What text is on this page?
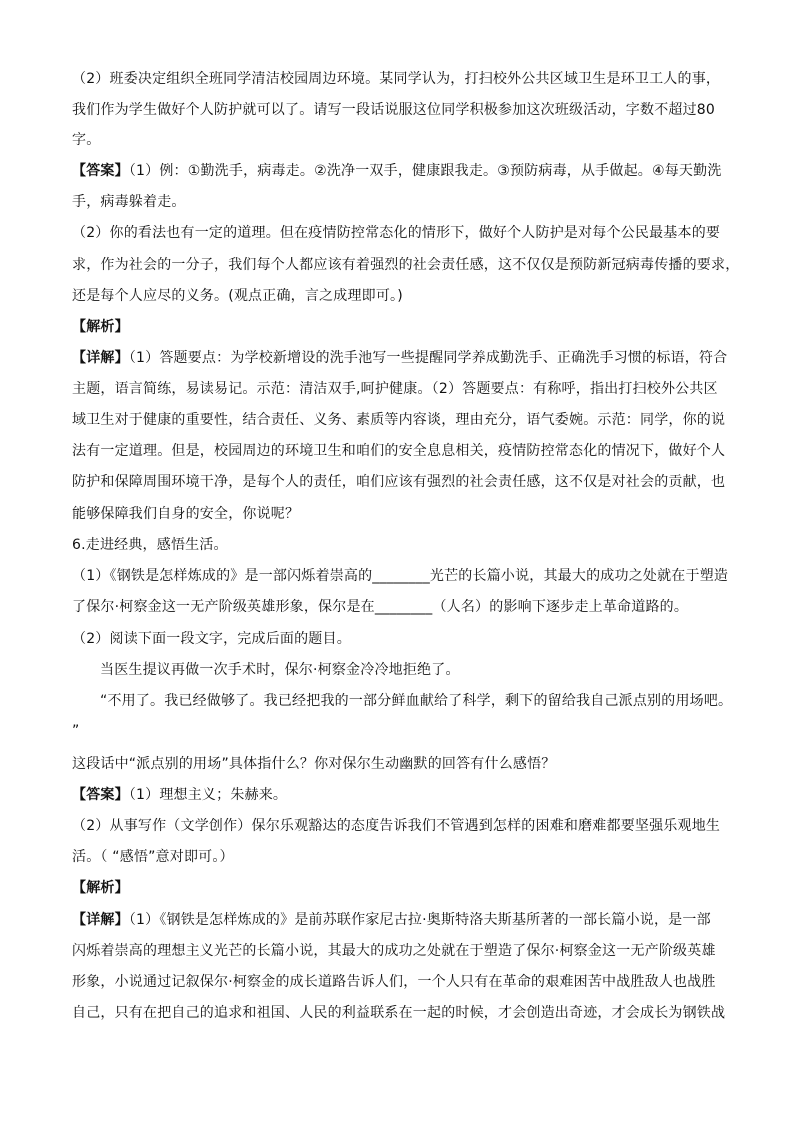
（2）班委决定组织全班同学清洁校园周边环境。某同学认为，打扫校外公共区域卫生是环卫工人的事，
我们作为学生做好个人防护就可以了。请写一段话说服这位同学积极参加这次班级活动，字数不超过80
字。
【答案】（1）例：①勤洗手，病毒走。②洗净一双手，健康跟我走。③预防病毒，从手做起。④每天勤洗
手，病毒躲着走。
（2）你的看法也有一定的道理。但在疫情防控常态化的情形下，做好个人防护是对每个公民最基本的要
求，作为社会的一分子，我们每个人都应该有着强烈的社会责任感，这不仅仅是预防新冠病毒传播的要求，
还是每个人应尽的义务。(观点正确，言之成理即可。)
【解析】
【详解】（1）答题要点：为学校新增设的洗手池写一些提醒同学养成勤洗手、正确洗手习惯的标语，符合
主题，语言简练，易读易记。示范：清洁双手,呵护健康。（2）答题要点：有称呼，指出打扫校外公共区
域卫生对于健康的重要性，结合责任、义务、素质等内容谈，理由充分，语气委婉。示范：同学，你的说
法有一定道理。但是，校园周边的环境卫生和咱们的安全息息相关，疫情防控常态化的情况下，做好个人
防护和保障周围环境干净，是每个人的责任，咱们应该有强烈的社会责任感，这不仅是对社会的贡献，也
能够保障我们自身的安全，你说呢？
6.走进经典，感悟生活。
（1）《钢铁是怎样炼成的》是一部闪烁着崇高的________光芒的长篇小说，其最大的成功之处就在于塑造
了保尔·柯察金这一无产阶级英雄形象，保尔是在________（人名）的影响下逐步走上革命道路的。
（2）阅读下面一段文字，完成后面的题目。
当医生提议再做一次手术时，保尔·柯察金冷冷地拒绝了。
“不用了。我已经做够了。我已经把我的一部分鲜血献给了科学，剩下的留给我自己派点别的用场吧。
”
这段话中“派点别的用场”具体指什么？你对保尔生动幽默的回答有什么感悟？
【答案】（1）理想主义；朱赫来。
（2）从事写作（文学创作）保尔乐观豁达的态度告诉我们不管遇到怎样的困难和磨难都要坚强乐观地生
活。（ “感悟”意对即可。）
【解析】
【详解】（1）《钢铁是怎样炼成的》是前苏联作家尼古拉·奥斯特洛夫斯基所著的一部长篇小说，是一部
闪烁着崇高的理想主义光芒的长篇小说，其最大的成功之处就在于塑造了保尔·柯察金这一无产阶级英雄
形象，小说通过记叙保尔·柯察金的成长道路告诉人们，一个人只有在革命的艰难困苦中战胜敌人也战胜
自己，只有在把自己的追求和祖国、人民的利益联系在一起的时候，才会创造出奇迹，才会成长为钢铁战
